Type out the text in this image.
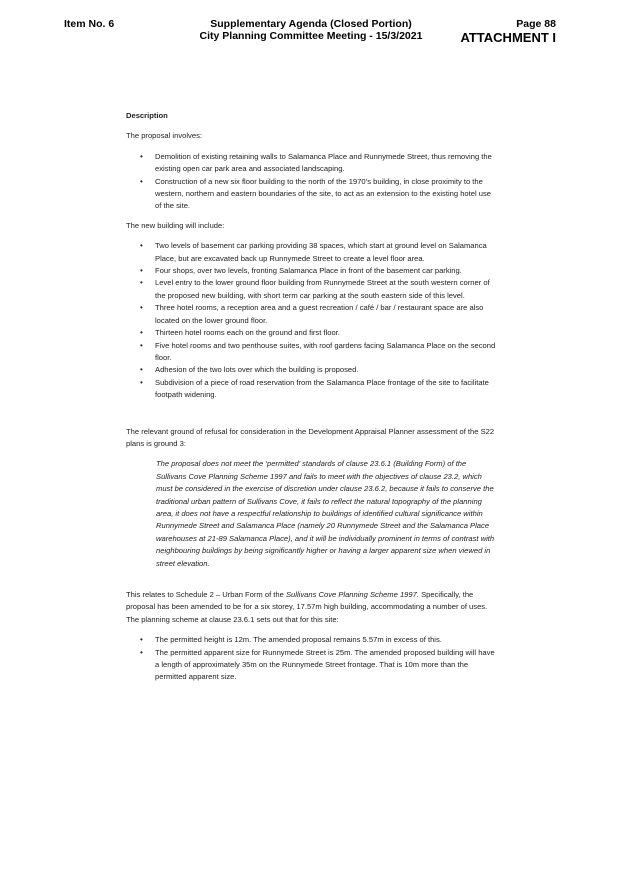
Item No. 6	Supplementary Agenda (Closed Portion)
City Planning Committee Meeting - 15/3/2021
Page 88
ATTACHMENT I

Description

The proposal involves:

• Demolition of existing retaining walls to Salamanca Place and Runnymede Street, thus removing the existing open car park area and associated landscaping.
• Construction of a new six floor building to the north of the 1970’s building, in close proximity to the western, northern and eastern boundaries of the site, to act as an extension to the existing hotel use of the site.

The new building will include:

• Two levels of basement car parking providing 38 spaces, which start at ground level on Salamanca Place, but are excavated back up Runnymede Street to create a level floor area.
• Four shops, over two levels, fronting Salamanca Place in front of the basement car parking.
• Level entry to the lower ground floor building from Runnymede Street at the south western corner of the proposed new building, with short term car parking at the south eastern side of this level.
• Three hotel rooms, a reception area and a guest recreation / café / bar / restaurant space are also located on the lower ground floor.
• Thirteen hotel rooms each on the ground and first floor.
• Five hotel rooms and two penthouse suites, with roof gardens facing Salamanca Place on the second floor.
• Adhesion of the two lots over which the building is proposed.
• Subdivision of a piece of road reservation from the Salamanca Place frontage of the site to facilitate footpath widening.

The relevant ground of refusal for consideration in the Development Appraisal Planner assessment of the S22 plans is ground 3:

The proposal does not meet the ‘permitted’ standards of clause 23.6.1 (Building Form) of the Sullivans Cove Planning Scheme 1997 and fails to meet with the objectives of clause 23.2, which must be considered in the exercise of discretion under clause 23.6.2, because it fails to conserve the traditional urban pattern of Sullivans Cove, it fails to reflect the natural topography of the planning area, it does not have a respectful relationship to buildings of identified cultural significance within Runnymede Street and Salamanca Place (namely 20 Runnymede Street and the Salamanca Place warehouses at 21-89 Salamanca Place), and it will be individually prominent in terms of contrast with neighbouring buildings by being significantly higher or having a larger apparent size when viewed in street elevation.

This relates to Schedule 2 – Urban Form of the Sullivans Cove Planning Scheme 1997. Specifically, the proposal has been amended to be for a six storey, 17.57m high building, accommodating a number of uses. The planning scheme at clause 23.6.1 sets out that for this site:

• The permitted height is 12m. The amended proposal remains 5.57m in excess of this.
• The permitted apparent size for Runnymede Street is 25m. The amended proposed building will have a length of approximately 35m on the Runnymede Street frontage. That is 10m more than the permitted apparent size.
